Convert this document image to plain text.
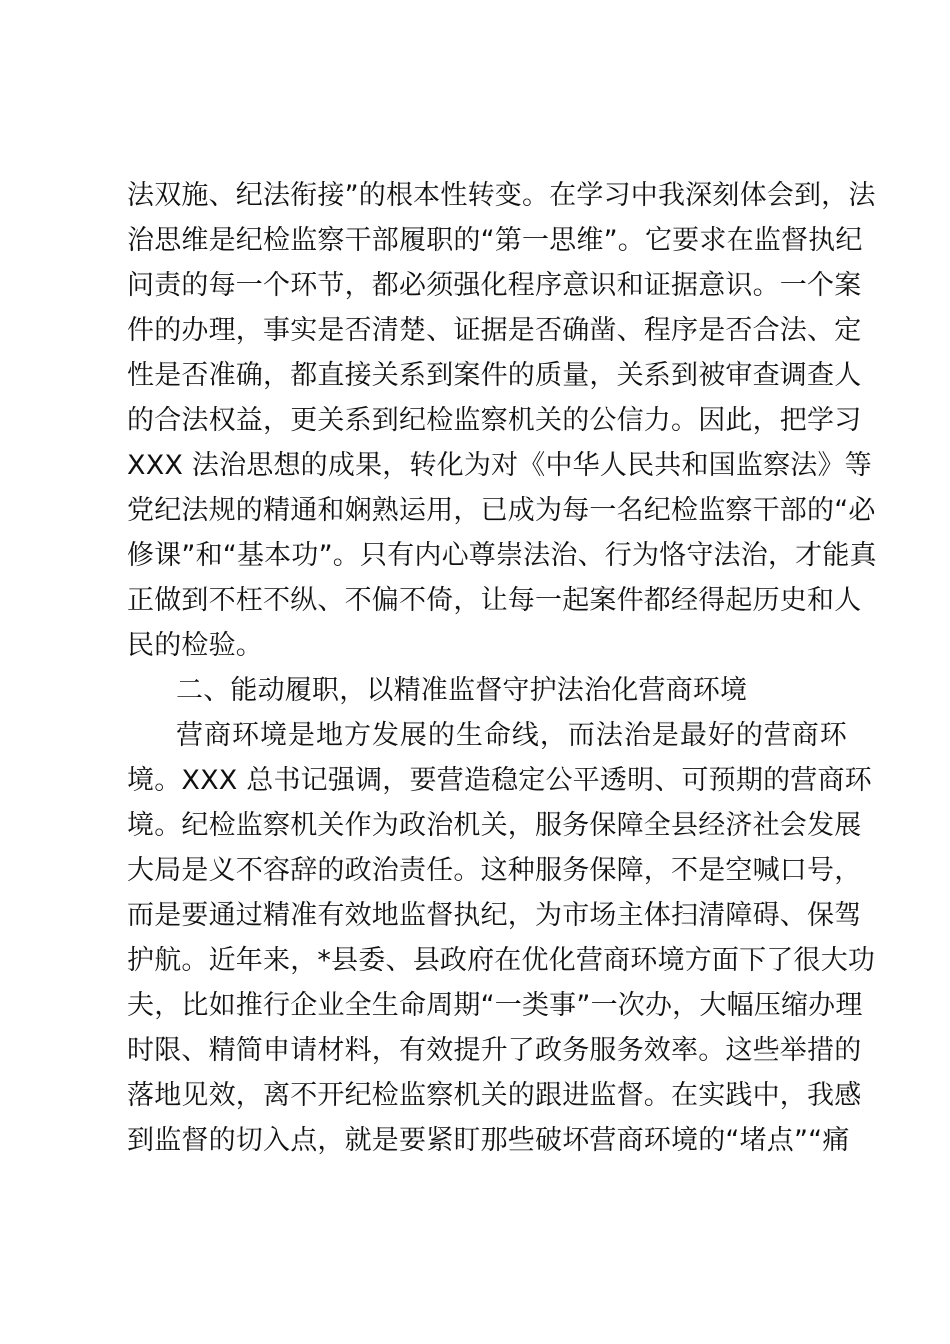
法双施、纪法衔接”的根本性转变。在学习中我深刻体会到，法
治思维是纪检监察干部履职的“第一思维”。它要求在监督执纪
问责的每一个环节，都必须强化程序意识和证据意识。一个案
件的办理，事实是否清楚、证据是否确凿、程序是否合法、定
性是否准确，都直接关系到案件的质量，关系到被审查调查人
的合法权益，更关系到纪检监察机关的公信力。因此，把学习
XXX 法治思想的成果，转化为对《中华人民共和国监察法》等
党纪法规的精通和娴熟运用，已成为每一名纪检监察干部的“必
修课”和“基本功”。只有内心尊崇法治、行为恪守法治，才能真
正做到不枉不纵、不偏不倚，让每一起案件都经得起历史和人
民的检验。
二、能动履职，以精准监督守护法治化营商环境
营商环境是地方发展的生命线，而法治是最好的营商环
境。XXX 总书记强调，要营造稳定公平透明、可预期的营商环
境。纪检监察机关作为政治机关，服务保障全县经济社会发展
大局是义不容辞的政治责任。这种服务保障，不是空喊口号，
而是要通过精准有效地监督执纪，为市场主体扫清障碍、保驾
护航。近年来，*县委、县政府在优化营商环境方面下了很大功
夫，比如推行企业全生命周期“一类事”一次办，大幅压缩办理
时限、精简申请材料，有效提升了政务服务效率。这些举措的
落地见效，离不开纪检监察机关的跟进监督。在实践中，我感
到监督的切入点，就是要紧盯那些破坏营商环境的“堵点”“痛
